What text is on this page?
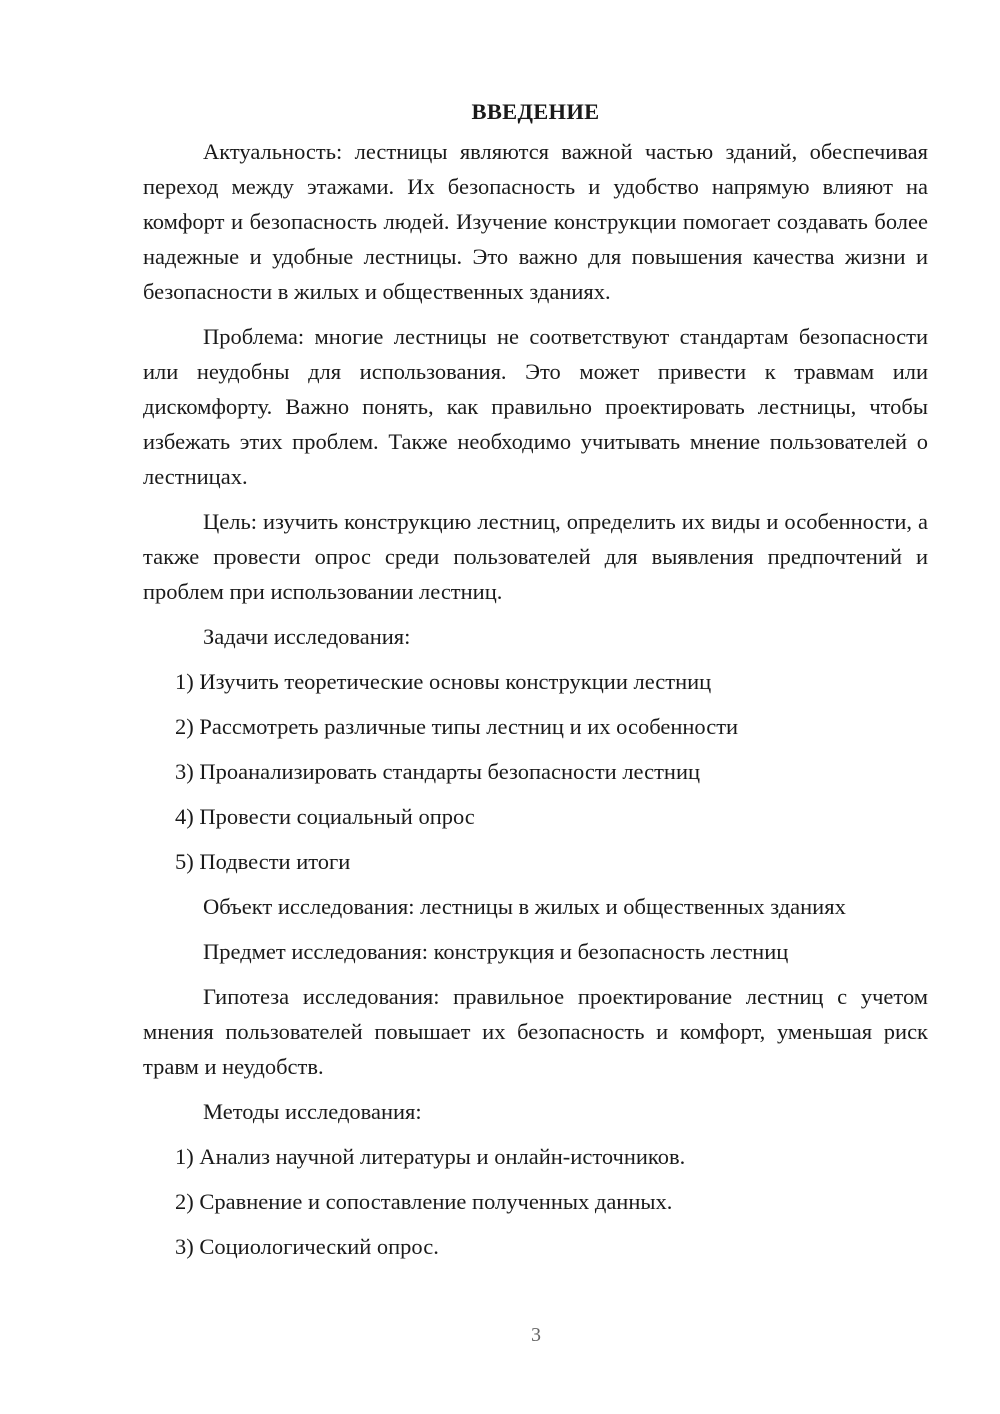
ВВЕДЕНИЕ

Актуальность: лестницы являются важной частью зданий, обеспечивая переход между этажами. Их безопасность и удобство напрямую влияют на комфорт и безопасность людей. Изучение конструкции помогает создавать более надежные и удобные лестницы. Это важно для повышения качества жизни и безопасности в жилых и общественных зданиях.

Проблема: многие лестницы не соответствуют стандартам безопасности или неудобны для использования. Это может привести к травмам или дискомфорту. Важно понять, как правильно проектировать лестницы, чтобы избежать этих проблем. Также необходимо учитывать мнение пользователей о лестницах.

Цель: изучить конструкцию лестниц, определить их виды и особенности, а также провести опрос среди пользователей для выявления предпочтений и проблем при использовании лестниц.

Задачи исследования:

1) Изучить теоретические основы конструкции лестниц

2) Рассмотреть различные типы лестниц и их особенности

3) Проанализировать стандарты безопасности лестниц

4) Провести социальный опрос

5) Подвести итоги

Объект исследования: лестницы в жилых и общественных зданиях

Предмет исследования: конструкция и безопасность лестниц

Гипотеза исследования: правильное проектирование лестниц с учетом мнения пользователей повышает их безопасность и комфорт, уменьшая риск травм и неудобств.

Методы исследования:

1) Анализ научной литературы и онлайн-источников.

2) Сравнение и сопоставление полученных данных.

3) Социологический опрос.

3
